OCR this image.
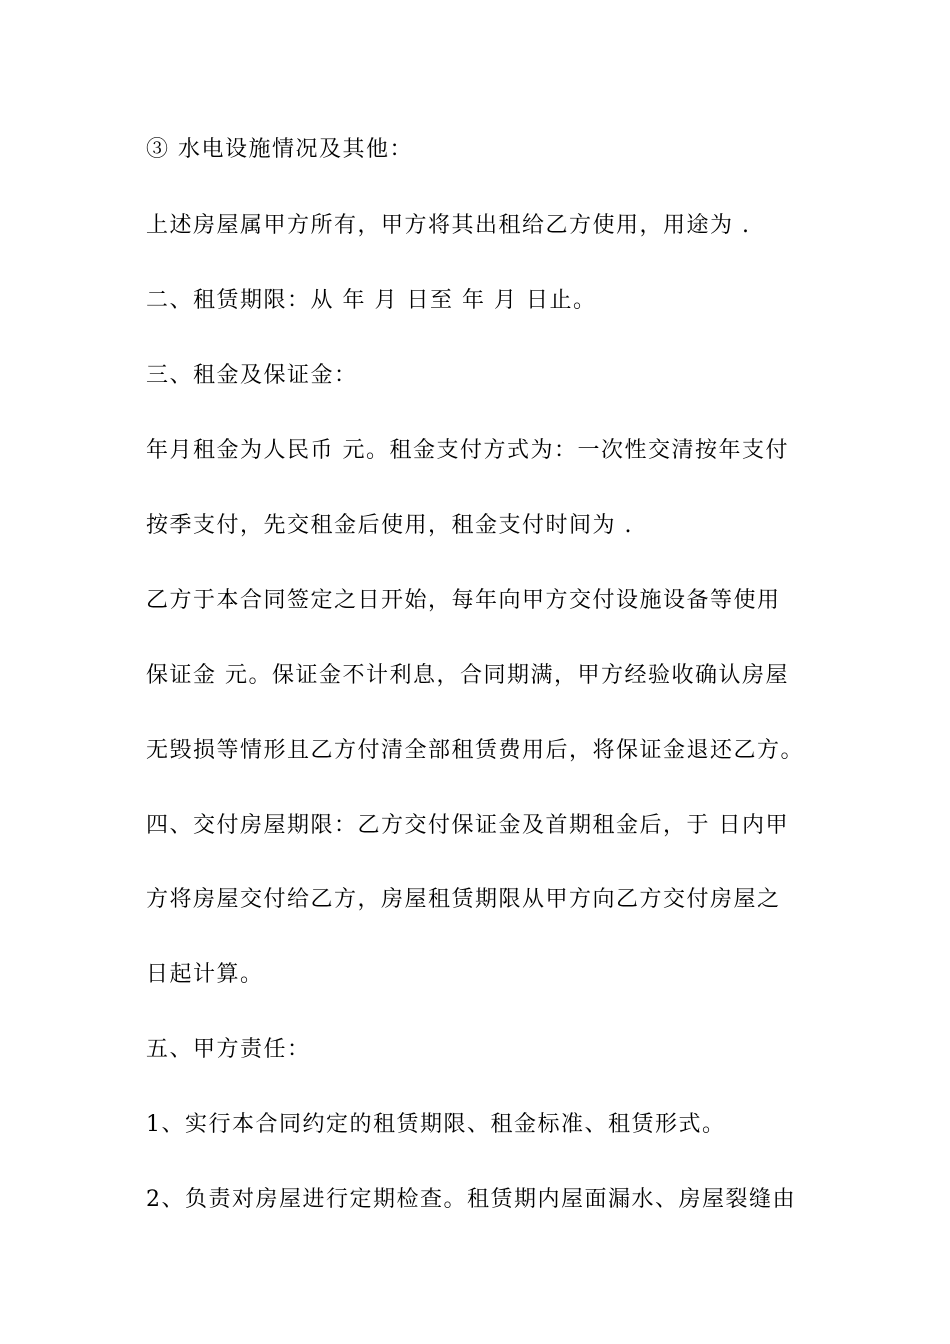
③ 水电设施情况及其他：
上述房屋属甲方所有，甲方将其出租给乙方使用，用途为 .
二、租赁期限：从 年 月 日至 年 月 日止。
三、租金及保证金：
年月租金为人民币 元。租金支付方式为：一次性交清按年支付
按季支付，先交租金后使用，租金支付时间为 .
乙方于本合同签定之日开始，每年向甲方交付设施设备等使用
保证金 元。保证金不计利息，合同期满，甲方经验收确认房屋
无毁损等情形且乙方付清全部租赁费用后，将保证金退还乙方。
四、交付房屋期限：乙方交付保证金及首期租金后，于 日内甲
方将房屋交付给乙方，房屋租赁期限从甲方向乙方交付房屋之
日起计算。
五、甲方责任：
1、实行本合同约定的租赁期限、租金标准、租赁形式。
2、负责对房屋进行定期检查。租赁期内屋面漏水、房屋裂缝由
